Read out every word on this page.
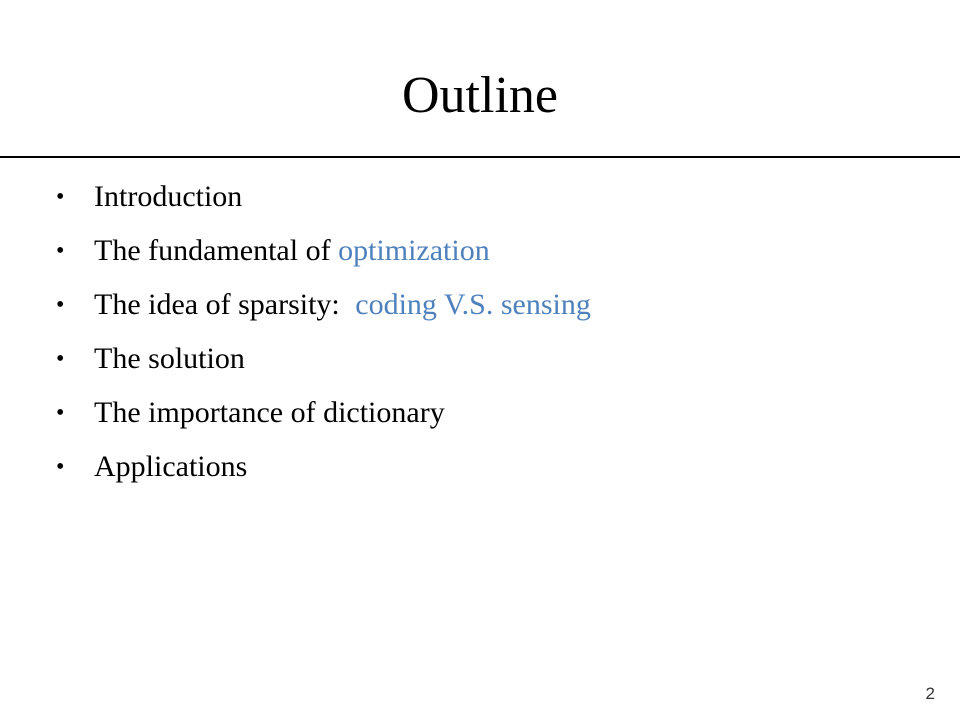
Outline
• Introduction
• The fundamental of optimization
• The idea of sparsity: coding V.S. sensing
• The solution
• The importance of dictionary
• Applications
2
